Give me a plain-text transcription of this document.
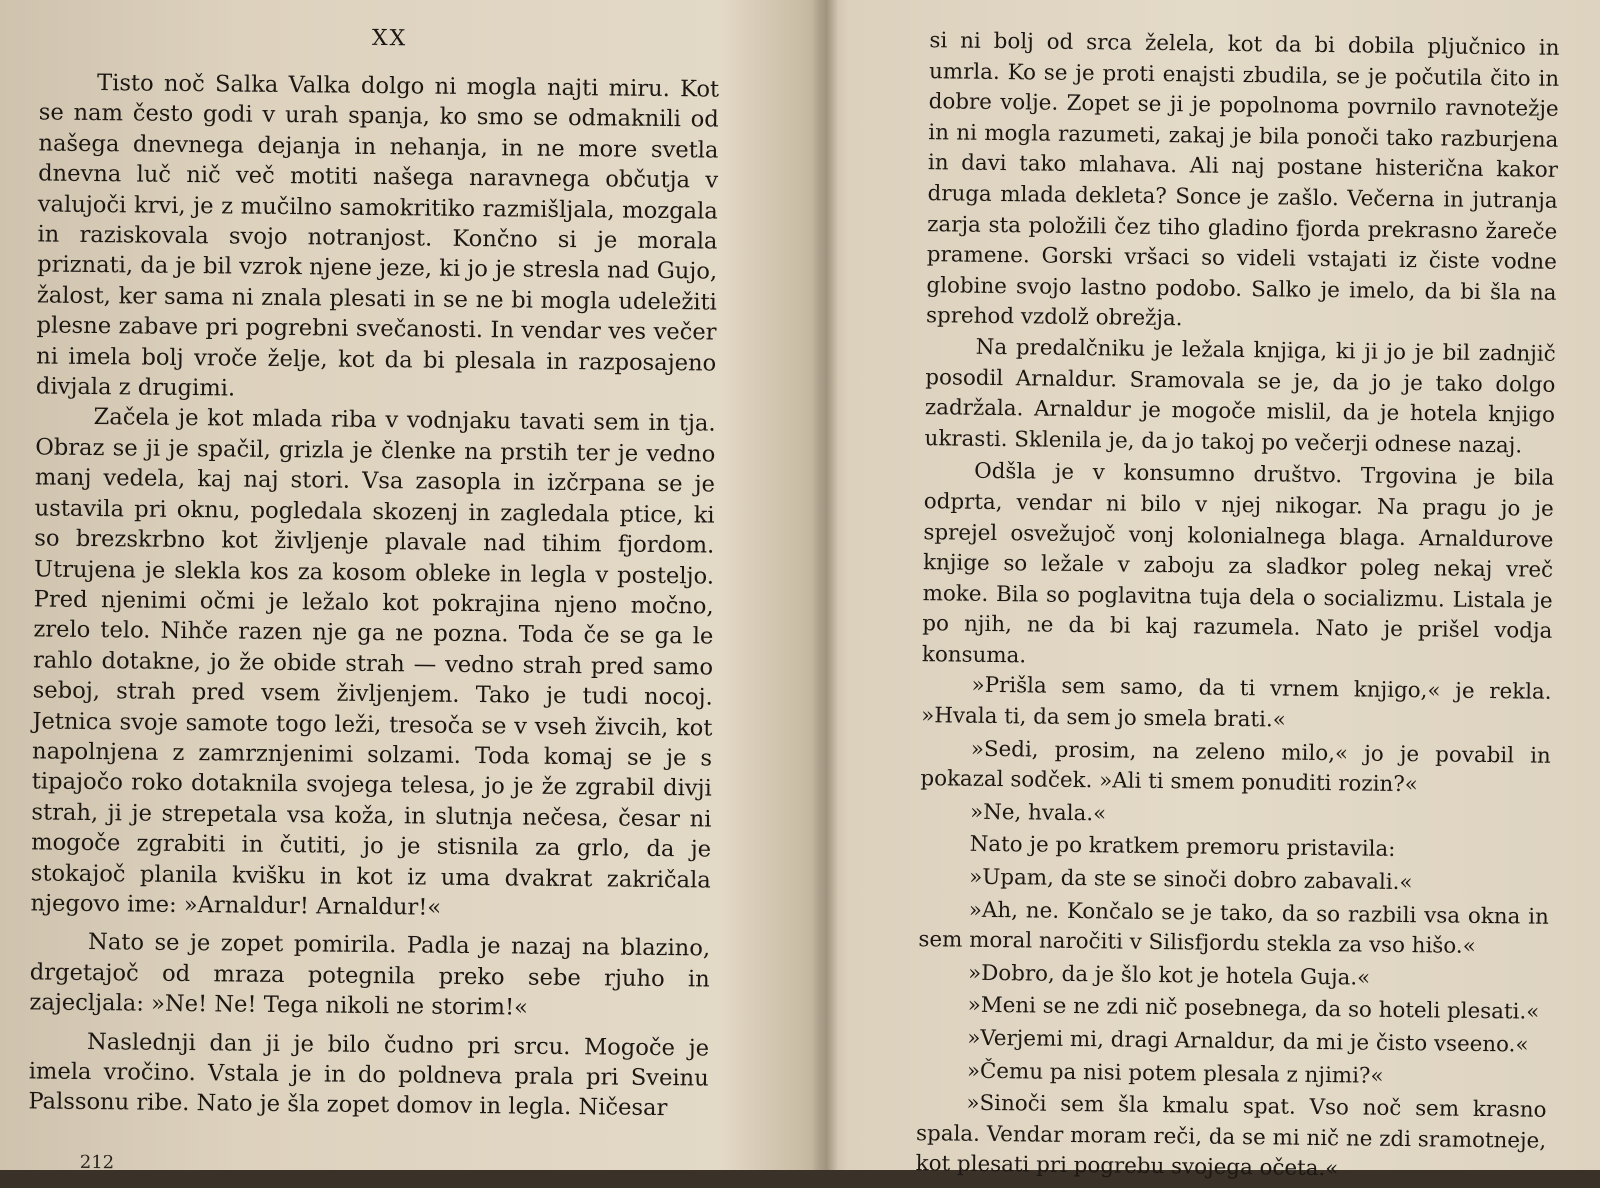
XX

Tisto noč Salka Valka dolgo ni mogla najti miru. Kot se nam često godi v urah spanja, ko smo se odmaknili od našega dnevnega dejanja in nehanja, in ne more svetla dnevna luč nič več motiti našega naravnega občutja v valujoči krvi, je z mučilno samokritiko razmišljala, mozgala in raziskovala svojo notranjost. Končno si je morala priznati, da je bil vzrok njene jeze, ki jo je stresla nad Gujo, žalost, ker sama ni znala plesati in se ne bi mogla udeležiti plesne zabave pri pogrebni svečanosti. In vendar ves večer ni imela bolj vroče želje, kot da bi plesala in razposajeno divjala z drugimi.

Začela je kot mlada riba v vodnjaku tavati sem in tja. Obraz se ji je spačil, grizla je členke na prstih ter je vedno manj vedela, kaj naj stori. Vsa zasopla in izčrpana se je ustavila pri oknu, pogledala skozenj in zagledala ptice, ki so brezskrbno kot življenje plavale nad tihim fjordom. Utrujena je slekla kos za kosom obleke in legla v posteljo. Pred njenimi očmi je ležalo kot pokrajina njeno močno, zrelo telo. Nihče razen nje ga ne pozna. Toda če se ga le rahlo dotakne, jo že obide strah — vedno strah pred samo seboj, strah pred vsem življenjem. Tako je tudi nocoj. Jetnica svoje samote togo leži, tresoča se v vseh živcih, kot napolnjena z zamrznjenimi solzami. Toda komaj se je s tipajočo roko dotaknila svojega telesa, jo je že zgrabil divji strah, ji je strepetala vsa koža, in slutnja nečesa, česar ni mogoče zgrabiti in čutiti, jo je stisnila za grlo, da je stokajoč planila kvišku in kot iz uma dvakrat zakričala njegovo ime: »Arnaldur! Arnaldur!«

Nato se je zopet pomirila. Padla je nazaj na blazino, drgetajoč od mraza potegnila preko sebe rjuho in zajecljala: »Ne! Ne! Tega nikoli ne storim!«

Naslednji dan ji je bilo čudno pri srcu. Mogoče je imela vročino. Vstala je in do poldneva prala pri Sveinu Palssonu ribe. Nato je šla zopet domov in legla. Ničesar

212

si ni bolj od srca želela, kot da bi dobila pljučnico in umrla. Ko se je proti enajsti zbudila, se je počutila čito in dobre volje. Zopet se ji je popolnoma povrnilo ravnotežje in ni mogla razumeti, zakaj je bila ponoči tako razburjena in davi tako mlahava. Ali naj postane histerična kakor druga mlada dekleta? Sonce je zašlo. Večerna in jutranja zarja sta položili čez tiho gladino fjorda prekrasno žareče pramene. Gorski vršaci so videli vstajati iz čiste vodne globine svojo lastno podobo. Salko je imelo, da bi šla na sprehod vzdolž obrežja.

Na predalčniku je ležala knjiga, ki ji jo je bil zadnjič posodil Arnaldur. Sramovala se je, da jo je tako dolgo zadržala. Arnaldur je mogoče mislil, da je hotela knjigo ukrasti. Sklenila je, da jo takoj po večerji odnese nazaj.

Odšla je v konsumno društvo. Trgovina je bila odprta, vendar ni bilo v njej nikogar. Na pragu jo je sprejel osvežujoč vonj kolonialnega blaga. Arnaldurove knjige so ležale v zaboju za sladkor poleg nekaj vreč moke. Bila so poglavitna tuja dela o socializmu. Listala je po njih, ne da bi kaj razumela. Nato je prišel vodja konsuma.

»Prišla sem samo, da ti vrnem knjigo,« je rekla. »Hvala ti, da sem jo smela brati.«

»Sedi, prosim, na zeleno milo,« jo je povabil in pokazal sodček. »Ali ti smem ponuditi rozin?«

»Ne, hvala.«

Nato je po kratkem premoru pristavila:

»Upam, da ste se sinoči dobro zabavali.«

»Ah, ne. Končalo se je tako, da so razbili vsa okna in sem moral naročiti v Silisfjordu stekla za vso hišo.«

»Dobro, da je šlo kot je hotela Guja.«

»Meni se ne zdi nič posebnega, da so hoteli plesati.«

»Verjemi mi, dragi Arnaldur, da mi je čisto vseeno.«

»Čemu pa nisi potem plesala z njimi?«

»Sinoči sem šla kmalu spat. Vso noč sem krasno spala. Vendar moram reči, da se mi nič ne zdi sramotneje, kot plesati pri pogrebu svojega očeta.«
